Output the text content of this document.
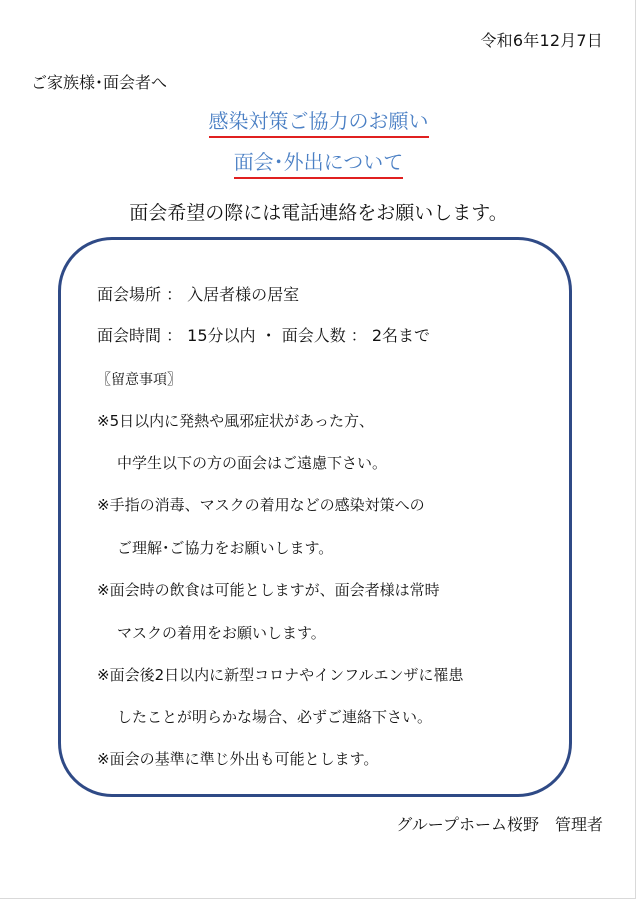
令和6年12月7日
ご家族様･面会者へ
感染対策ご協力のお願い
面会･外出について
面会希望の際には電話連絡をお願いします。
面会場所 ： 入居者様の居室
面会時間 ： 15分以内 ・ 面会人数 ： 2名まで
〖留意事項〗
※5日以内に発熱や風邪症状があった方、
中学生以下の方の面会はご遠慮下さい。
※手指の消毒、マスクの着用などの感染対策への
ご理解･ご協力をお願いします。
※面会時の飲食は可能としますが、面会者様は常時
マスクの着用をお願いします。
※面会後2日以内に新型コロナやインフルエンザに罹患
したことが明らかな場合、必ずご連絡下さい。
※面会の基準に準じ外出も可能とします。
グループホーム桜野　管理者
